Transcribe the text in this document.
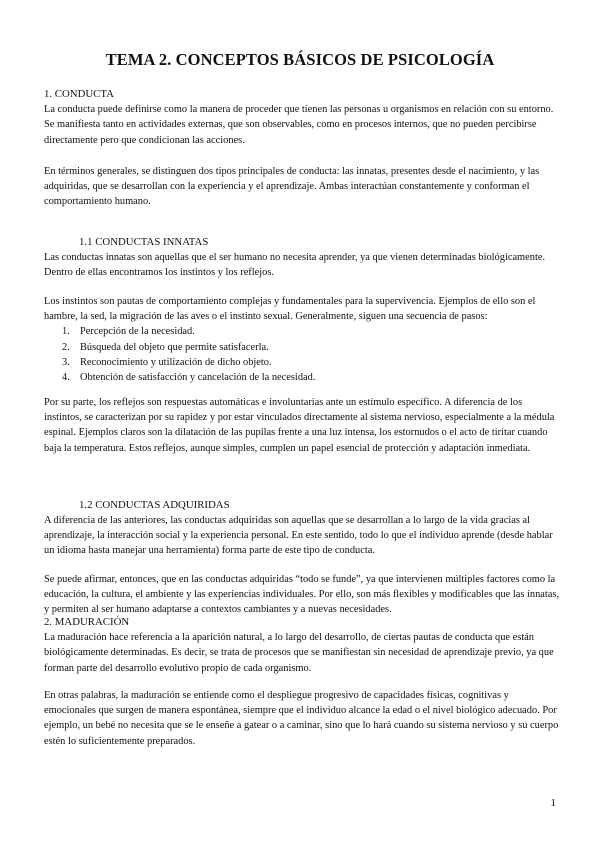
TEMA 2. CONCEPTOS BÁSICOS DE PSICOLOGÍA

1. CONDUCTA

La conducta puede definirse como la manera de proceder que tienen las personas u organismos en relación con su entorno. Se manifiesta tanto en actividades externas, que son observables, como en procesos internos, que no pueden percibirse directamente pero que condicionan las acciones.

En términos generales, se distinguen dos tipos principales de conducta: las innatas, presentes desde el nacimiento, y las adquiridas, que se desarrollan con la experiencia y el aprendizaje. Ambas interactúan constantemente y conforman el comportamiento humano.

1.1 CONDUCTAS INNATAS

Las conductas innatas son aquellas que el ser humano no necesita aprender, ya que vienen determinadas biológicamente. Dentro de ellas encontramos los instintos y los reflejos.

Los instintos son pautas de comportamiento complejas y fundamentales para la supervivencia. Ejemplos de ello son el hambre, la sed, la migración de las aves o el instinto sexual. Generalmente, siguen una secuencia de pasos:

1. Percepción de la necesidad.
2. Búsqueda del objeto que permite satisfacerla.
3. Reconocimiento y utilización de dicho objeto.
4. Obtención de satisfacción y cancelación de la necesidad.

Por su parte, los reflejos son respuestas automáticas e involuntarias ante un estímulo específico. A diferencia de los instintos, se caracterizan por su rapidez y por estar vinculados directamente al sistema nervioso, especialmente a la médula espinal. Ejemplos claros son la dilatación de las pupilas frente a una luz intensa, los estornudos o el acto de tiritar cuando baja la temperatura. Estos reflejos, aunque simples, cumplen un papel esencial de protección y adaptación inmediata.

1.2 CONDUCTAS ADQUIRIDAS

A diferencia de las anteriores, las conductas adquiridas son aquellas que se desarrollan a lo largo de la vida gracias al aprendizaje, la interacción social y la experiencia personal. En este sentido, todo lo que el individuo aprende (desde hablar un idioma hasta manejar una herramienta) forma parte de este tipo de conducta.

Se puede afirmar, entonces, que en las conductas adquiridas “todo se funde”, ya que intervienen múltiples factores como la educación, la cultura, el ambiente y las experiencias individuales. Por ello, son más flexibles y modificables que las innatas, y permiten al ser humano adaptarse a contextos cambiantes y a nuevas necesidades.

2. MADURACIÓN

La maduración hace referencia a la aparición natural, a lo largo del desarrollo, de ciertas pautas de conducta que están biológicamente determinadas. Es decir, se trata de procesos que se manifiestan sin necesidad de aprendizaje previo, ya que forman parte del desarrollo evolutivo propio de cada organismo.

En otras palabras, la maduración se entiende como el despliegue progresivo de capacidades físicas, cognitivas y emocionales que surgen de manera espontánea, siempre que el individuo alcance la edad o el nivel biológico adecuado. Por ejemplo, un bebé no necesita que se le enseñe a gatear o a caminar, sino que lo hará cuando su sistema nervioso y su cuerpo estén lo suficientemente preparados.

1
